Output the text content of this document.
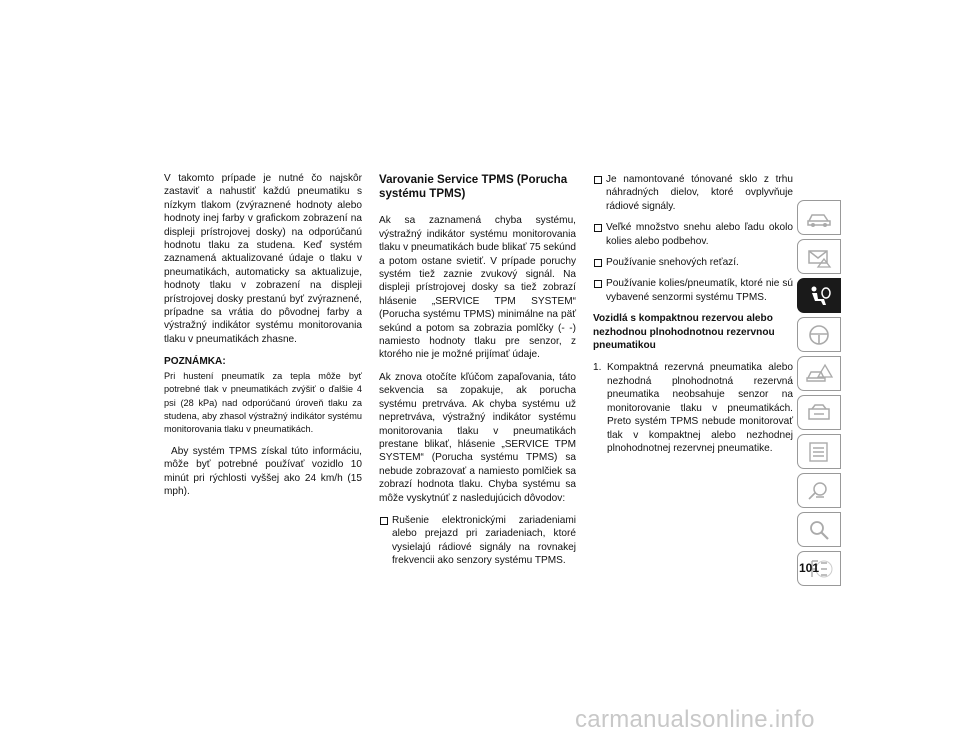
V takomto prípade je nutné čo najskôr zastaviť a nahustiť každú pneumatiku s nízkym tlakom (zvýraznené hodnoty alebo hodnoty inej farby v grafickom zobrazení na displeji prístrojovej dosky) na odporúčanú hodnotu tlaku za studena. Keď systém zaznamená aktualizované údaje o tlaku v pneumatikách, automaticky sa aktualizuje, hodnoty tlaku v zobrazení na displeji prístrojovej dosky prestanú byť zvýraznené, prípadne sa vrátia do pôvodnej farby a výstražný indikátor systému monitorovania tlaku v pneumatikách zhasne.

POZNÁMKA:
Pri hustení pneumatík za tepla môže byť potrebné tlak v pneumatikách zvýšiť o ďalšie 4 psi (28 kPa) nad odporúčanú úroveň tlaku za studena, aby zhasol výstražný indikátor systému monitorovania tlaku v pneumatikách.

Aby systém TPMS získal túto informáciu, môže byť potrebné používať vozidlo 10 minút pri rýchlosti vyššej ako 24 km/h (15 mph).

Varovanie Service TPMS (Porucha systému TPMS)

Ak sa zaznamená chyba systému, výstražný indikátor systému monitorovania tlaku v pneumatikách bude blikať 75 sekúnd a potom ostane svietiť. V prípade poruchy systém tiež zaznie zvukový signál. Na displeji prístrojovej dosky sa tiež zobrazí hlásenie „SERVICE TPM SYSTEM“ (Porucha systému TPMS) minimálne na päť sekúnd a potom sa zobrazia pomlčky (- -) namiesto hodnoty tlaku pre senzor, z ktorého nie je možné prijímať údaje.

Ak znova otočíte kľúčom zapaľovania, táto sekvencia sa zopakuje, ak porucha systému pretrváva. Ak chyba systému už nepretrváva, výstražný indikátor systému monitorovania tlaku v pneumatikách prestane blikať, hlásenie „SERVICE TPM SYSTEM“ (Porucha systému TPMS) sa nebude zobrazovať a namiesto pomlčiek sa zobrazí hodnota tlaku. Chyba systému sa môže vyskytnúť z nasledujúcich dôvodov:

Rušenie elektronickými zariadeniami alebo prejazd pri zariadeniach, ktoré vysielajú rádiové signály na rovnakej frekvencii ako senzory systému TPMS.
Je namontované tónované sklo z trhu náhradných dielov, ktoré ovplyvňuje rádiové signály.
Veľké množstvo snehu alebo ľadu okolo kolies alebo podbehov.
Používanie snehových reťazí.
Používanie kolies/pneumatík, ktoré nie sú vybavené senzormi systému TPMS.
Vozidlá s kompaktnou rezervou alebo nezhodnou plnohodnotnou rezervnou pneumatikou
1. Kompaktná rezervná pneumatika alebo nezhodná plnohodnotná rezervná pneumatika neobsahuje senzor na monitorovanie tlaku v pneumatikách. Preto systém TPMS nebude monitorovať tlak v kompaktnej alebo nezhodnej plnohodnotnej rezervnej pneumatike.
101
carmanualsonline.info
